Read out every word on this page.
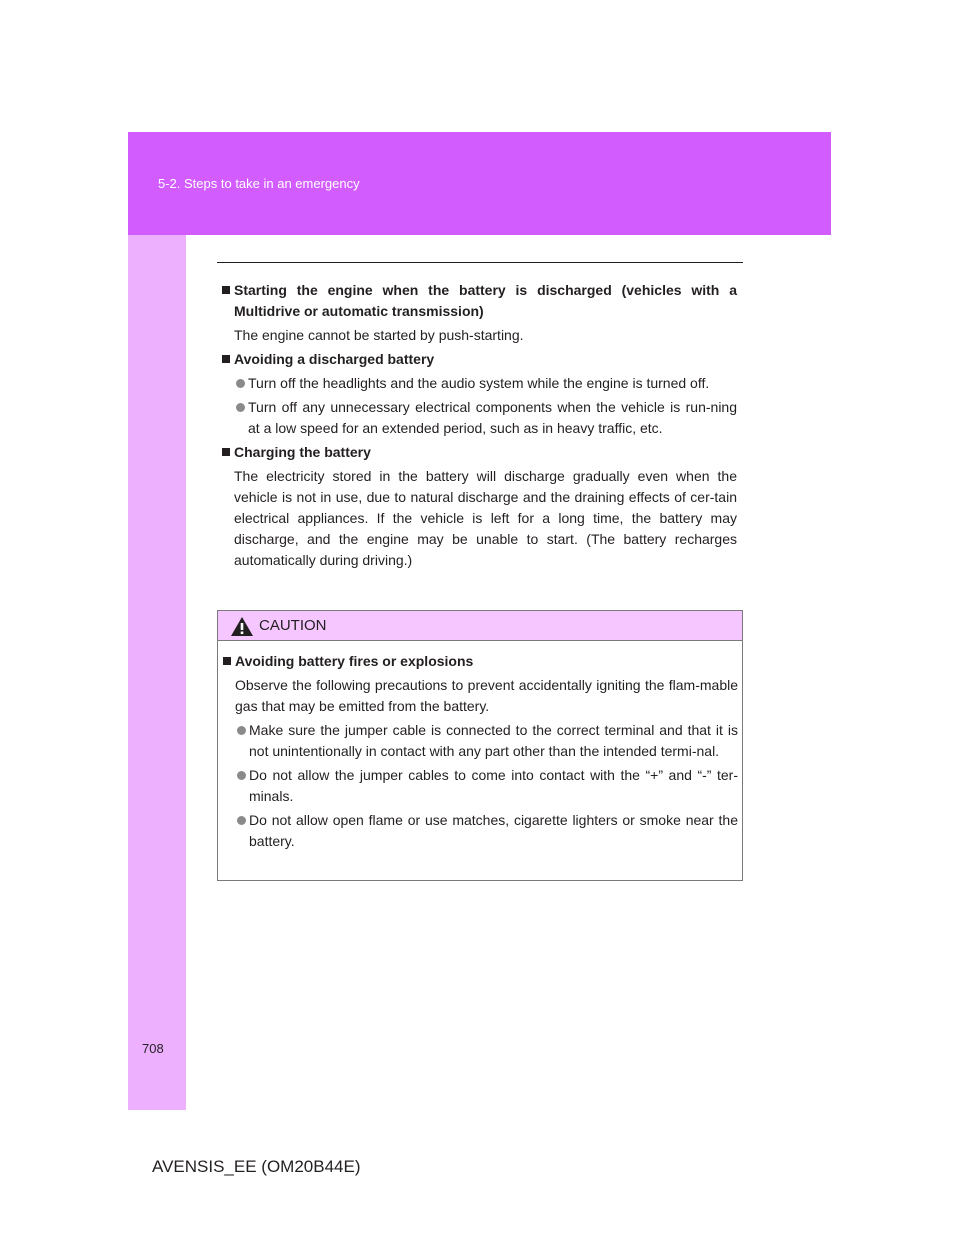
5-2. Steps to take in an emergency
Starting the engine when the battery is discharged (vehicles with a Multidrive or automatic transmission)
The engine cannot be started by push-starting.
Avoiding a discharged battery
Turn off the headlights and the audio system while the engine is turned off.
Turn off any unnecessary electrical components when the vehicle is run-ning at a low speed for an extended period, such as in heavy traffic, etc.
Charging the battery
The electricity stored in the battery will discharge gradually even when the vehicle is not in use, due to natural discharge and the draining effects of cer-tain electrical appliances. If the vehicle is left for a long time, the battery may discharge, and the engine may be unable to start. (The battery recharges automatically during driving.)
CAUTION
Avoiding battery fires or explosions
Observe the following precautions to prevent accidentally igniting the flam-mable gas that may be emitted from the battery.
Make sure the jumper cable is connected to the correct terminal and that it is not unintentionally in contact with any part other than the intended termi-nal.
Do not allow the jumper cables to come into contact with the “+” and “-” ter-minals.
Do not allow open flame or use matches, cigarette lighters or smoke near the battery.
708
AVENSIS_EE (OM20B44E)
